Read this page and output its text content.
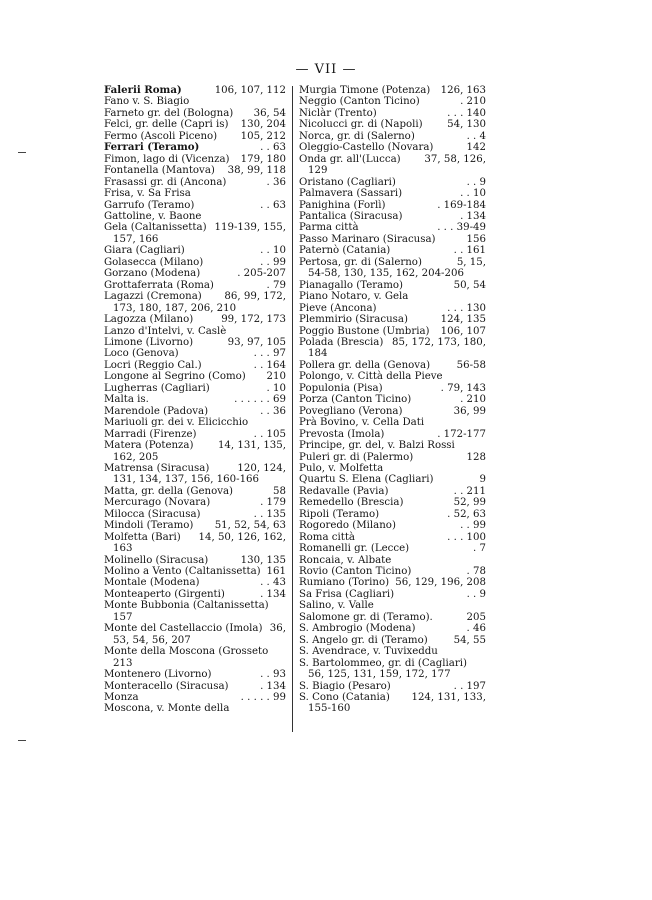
— VII —
Falerii Roma)	106, 107, 112
Fano v. S. Biagio
Farneto gr. del (Bologna)	36, 54
Felci, gr. delle (Capri is)	130, 204
Fermo (Ascoli Piceno)	105, 212
Ferrari (Teramo)	. . 63
Fimon, lago di (Vicenza)	179, 180
Fontanella (Mantova)	38, 99, 118
Frasassi gr. di (Ancona)	. 36
Frisa, v. Sa Frisa
Garrufo (Teramo)	. . 63
Gattoline, v. Baone
Gela (Caltanissetta) 119-139, 155,
157, 166
Giara (Cagliari)	. . 10
Golasecca (Milano)	. . 99
Gorzano (Modena)	. 205-207
Grottaferrata (Roma)	. 79
Lagazzi (Cremona)	86, 99, 172,
173, 180, 187, 206, 210
Lagozza (Milano)	99, 172, 173
Lanzo d'Intelvi, v. Caslè
Limone (Livorno)	93, 97, 105
Loco (Genova)	. . . 97
Locri (Reggio Cal.)	. . 164
Longone al Segrino (Como)	210
Lugherras (Cagliari)	. 10
Malta is.	. . . . . . 69
Marendole (Padova)	. . 36
Mariuoli gr. dei v. Elicicchio
Marradi (Firenze)	. . 105
Matera (Potenza)	14, 131, 135,
162, 205
Matrensa (Siracusa)	120, 124,
131, 134, 137, 156, 160-166
Matta, gr. della (Genova)	58
Mercurago (Novara)	. 179
Milocca (Siracusa)	. . 135
Mindoli (Teramo)	51, 52, 54, 63
Molfetta (Bari)	14, 50, 126, 162,
163
Molinello (Siracusa)	130, 135
Molino a Vento (Caltanissetta) 161
Montale (Modena)	. . 43
Monteaperto (Girgenti)	. 134
Monte Bubbonia (Caltanissetta)
157
Monte del Castellaccio (Imola) 36,
53, 54, 56, 207
Monte della Moscona (Grosseto
213
Montenero (Livorno)	. . 93
Monteracello (Siracusa)	. 134
Monza	. . . . . 99
Moscona, v. Monte della
Murgia Timone (Potenza)	126, 163
Neggio (Canton Ticino)	. 210
Niclàr (Trento)	. . . 140
Nicolucci gr. di (Napoli)	54, 130
Norca, gr. di (Salerno)	. . 4
Oleggio-Castello (Novara)	142
Onda gr. all'(Lucca)	37, 58, 126,
129
Oristano (Cagliari)	. . 9
Palmavera (Sassari)	. . 10
Panighina (Forlì)	. 169-184
Pantalica (Siracusa)	. 134
Parma città	. . . 39-49
Passo Marinaro (Siracusa)	156
Paternò (Catania)	. . 161
Pertosa, gr. di (Salerno)	5, 15,
54-58, 130, 135, 162, 204-206
Pianagallo (Teramo)	50, 54
Piano Notaro, v. Gela
Pieve (Ancona)	. . . 130
Plemmirio (Siracusa)	124, 135
Poggio Bustone (Umbria)	106, 107
Polada (Brescia) 85, 172, 173, 180,
184
Pollera gr. della (Genova)	56-58
Polongo, v. Città della Pieve
Populonia (Pisa)	. 79, 143
Porza (Canton Ticino)	. 210
Povegliano (Verona)	36, 99
Prà Bovino, v. Cella Dati
Prevosta (Imola)	. 172-177
Principe, gr. del, v. Balzi Rossi
Puleri gr. di (Palermo)	128
Pulo, v. Molfetta
Quartu S. Elena (Cagliari)	9
Redavalle (Pavia)	. . 211
Remedello (Brescia)	52, 99
Ripoli (Teramo)	. 52, 63
Rogoredo (Milano)	. . 99
Roma città	. . . 100
Romanelli gr. (Lecce)	. 7
Roncaia, v. Albate
Rovio (Canton Ticino)	. 78
Rumiano (Torino) 56, 129, 196, 208
Sa Frisa (Cagliari)	. . 9
Salino, v. Valle
Salomone gr. di (Teramo).	205
S. Ambrogio (Modena)	. 46
S. Angelo gr. di (Teramo)	54, 55
S. Avendrace, v. Tuvixeddu
S. Bartolommeo, gr. di (Cagliari)
56, 125, 131, 159, 172, 177
S. Biagio (Pesaro)	. . 197
S. Cono (Catania)	124, 131, 133,
155-160
